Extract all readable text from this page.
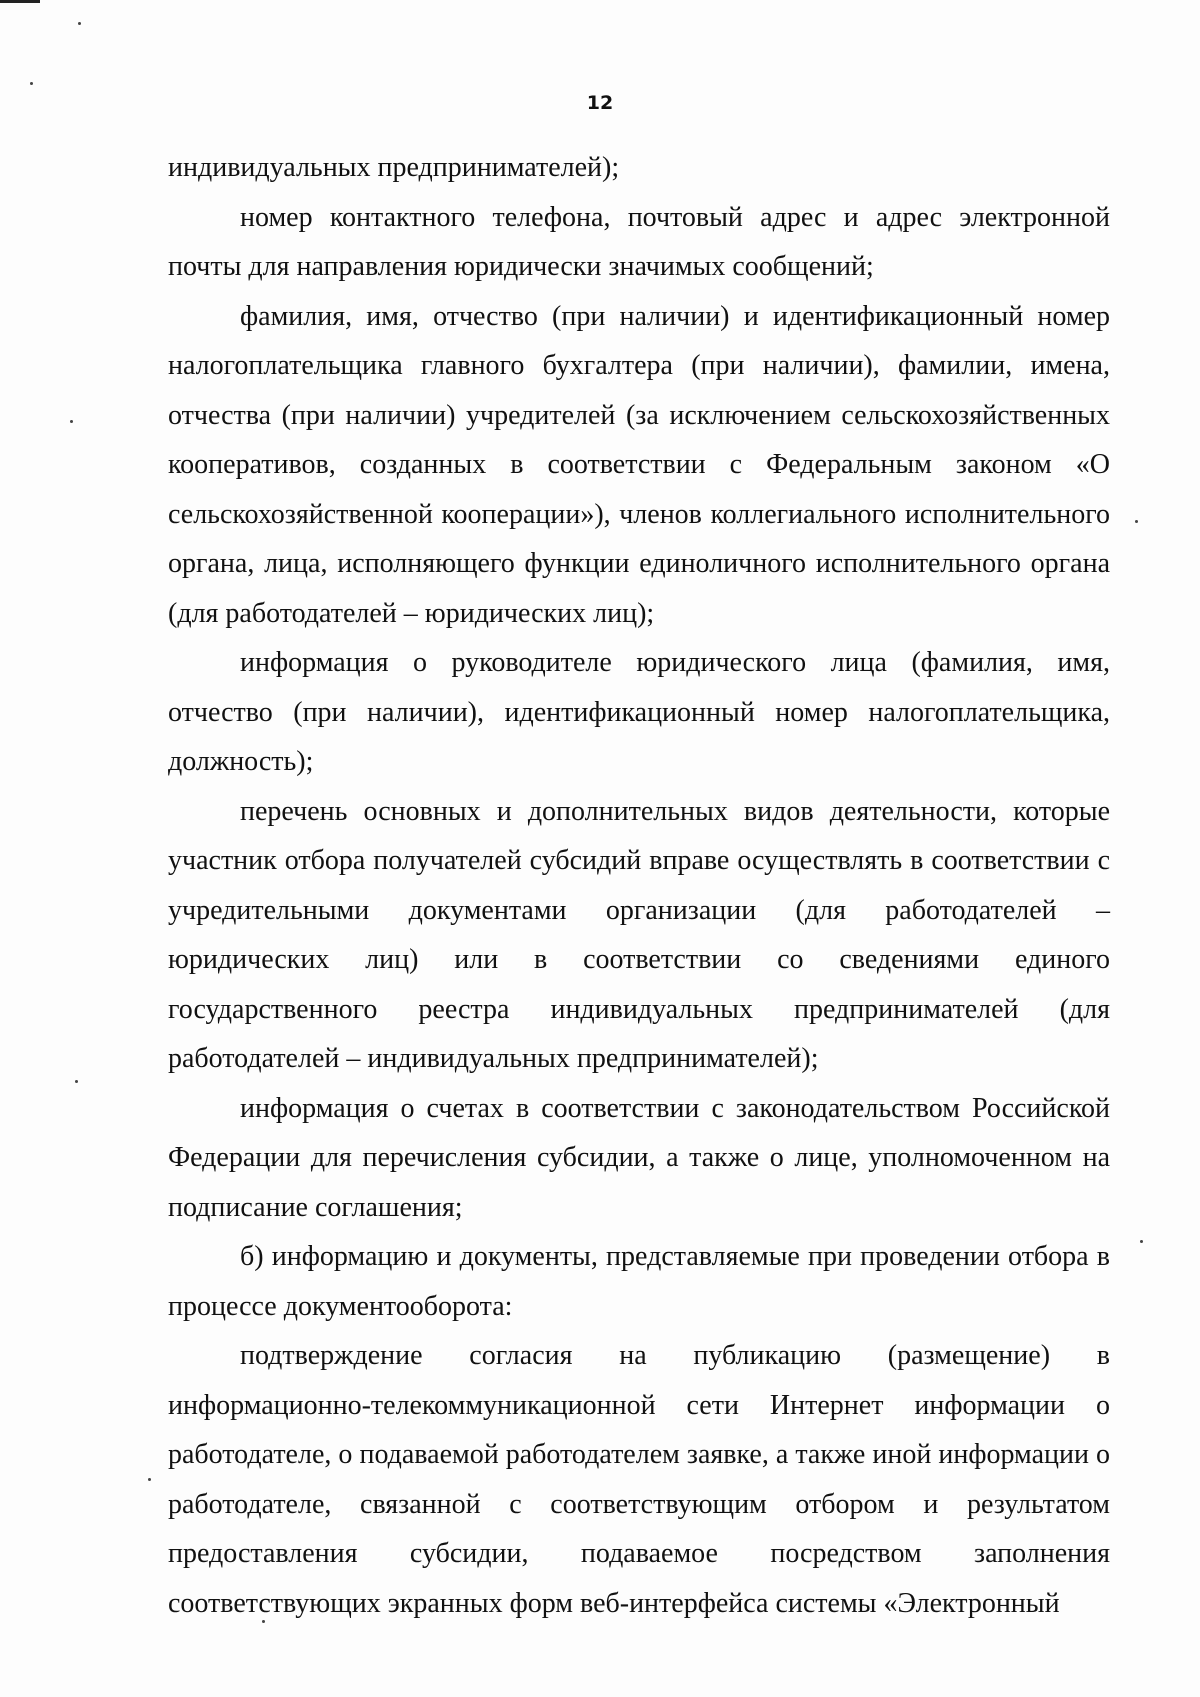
12

индивидуальных предпринимателей);

номер контактного телефона, почтовый адрес и адрес электронной почты для направления юридически значимых сообщений;

фамилия, имя, отчество (при наличии) и идентификационный номер налогоплательщика главного бухгалтера (при наличии), фамилии, имена, отчества (при наличии) учредителей (за исключением сельскохозяйственных кооперативов, созданных в соответствии с Федеральным законом «О сельскохозяйственной кооперации»), членов коллегиального исполнительного органа, лица, исполняющего функции единоличного исполнительного органа (для работодателей – юридических лиц);

информация о руководителе юридического лица (фамилия, имя, отчество (при наличии), идентификационный номер налогоплательщика, должность);

перечень основных и дополнительных видов деятельности, которые участник отбора получателей субсидий вправе осуществлять в соответствии с учредительными документами организации (для работодателей – юридических лиц) или в соответствии со сведениями единого государственного реестра индивидуальных предпринимателей (для работодателей – индивидуальных предпринимателей);

информация о счетах в соответствии с законодательством Российской Федерации для перечисления субсидии, а также о лице, уполномоченном на подписание соглашения;

б) информацию и документы, представляемые при проведении отбора в процессе документооборота:

подтверждение согласия на публикацию (размещение) в информационно-телекоммуникационной сети Интернет информации о работодателе, о подаваемой работодателем заявке, а также иной информации о работодателе, связанной с соответствующим отбором и результатом предоставления субсидии, подаваемое посредством заполнения соответствующих экранных форм веб-интерфейса системы «Электронный
